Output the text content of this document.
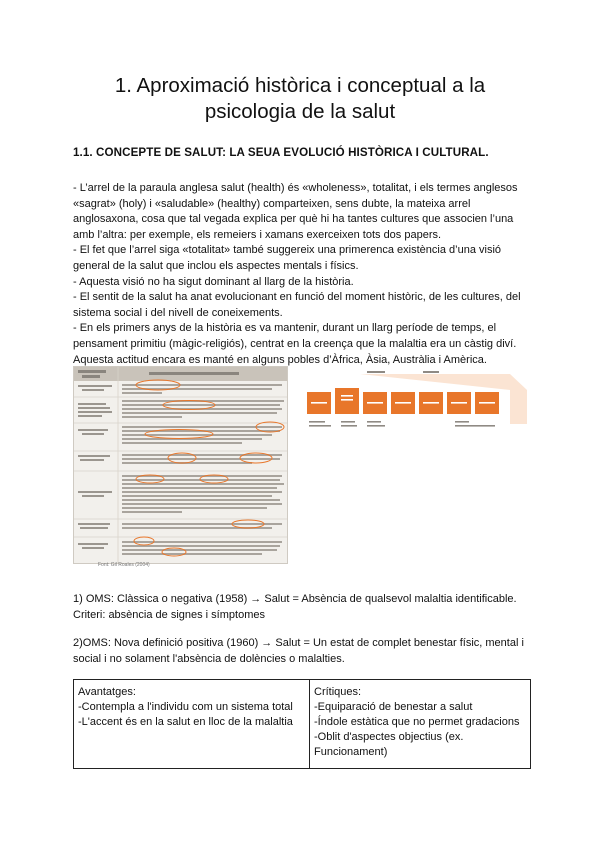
1. Aproximació històrica i conceptual a la
psicologia de la salut
1.1. CONCEPTE DE SALUT: LA SEUA EVOLUCIÓ HISTÒRICA I CULTURAL.

- L’arrel de la paraula anglesa salut (health) és «wholeness», totalitat, i els termes anglesos «sagrat» (holy) i «saludable» (healthy) comparteixen, sens dubte, la mateixa arrel anglosaxona, cosa que tal vegada explica per què hi ha tantes cultures que associen l’una amb l’altra: per exemple, els remeiers i xamans exerceixen tots dos papers.

- El fet que l’arrel siga «totalitat» també suggereix una primerenca existència d’una visió general de la salut que inclou els aspectes mentals i físics.

- Aquesta visió no ha sigut dominant al llarg de la història.

- El sentit de la salut ha anat evolucionant en funció del moment històric, de les cultures, del sistema social i del nivell de coneixements.

- En els primers anys de la història es va mantenir, durant un llarg període de temps, el pensament primitiu (màgic-religiós), centrat en la creença que la malaltia era un càstig diví. Aquesta actitud encara es manté en alguns pobles d’Àfrica, Àsia, Austràlia i Amèrica.

Font: Gil Roales (2004)

1) OMS: Clàssica o negativa (1958) → Salut = Absència de qualsevol malaltia identificable.

Criteri: absència de signes i símptomes

2)OMS: Nova definició positiva (1960) → Salut = Un estat de complet benestar físic, mental i social i no solament l'absència de dolències o malalties.

Avantatges:
-Contempla a l'individu com un sistema total
-L'accent és en la salut en lloc de la malaltia

Crítiques:
-Equiparació de benestar a salut
-Índole estàtica que no permet gradacions
-Oblit d'aspectes objectius (ex. Funcionament)
